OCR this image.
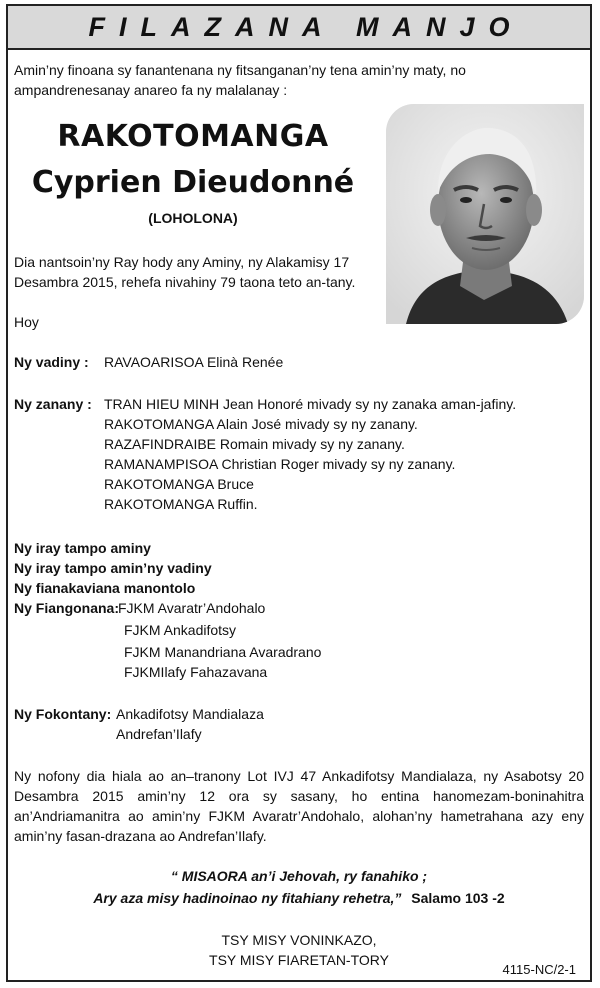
FILAZANA MANJO
Amin’ny finoana sy fanantenana ny fitsanganan’ny tena amin’ny maty, no ampandrenesanay anareo fa ny malalanay :
RAKOTOMANGA
Cyprien Dieudonné
(LOHOLONA)
Dia nantsoin’ny Ray hody any Aminy, ny Alakamisy 17 Desambra 2015, rehefa nivahiny 79 taona teto an-tany.
Hoy
Ny vadiny : RAVAOARISOA Elinà Renée
Ny zanany : TRAN HIEU MINH Jean Honoré mivady sy ny zanaka aman-jafiny.
RAKOTOMANGA Alain José mivady sy ny zanany.
RAZAFINDRAIBE Romain mivady sy ny zanany.
RAMANAMPISOA Christian Roger mivady sy ny zanany.
RAKOTOMANGA Bruce
RAKOTOMANGA Ruffin.
Ny iray tampo aminy
Ny iray tampo amin’ny vadiny
Ny fianakaviana manontolo
Ny Fiangonana:
FJKM Avaratr’Andohalo
FJKM Ankadifotsy
FJKM Manandriana Avaradrano
FJKMIlafy Fahazavana
Ny Fokontany: Ankadifotsy Mandialaza
Andrefan’Ilafy
Ny nofony dia hiala ao an–tranony Lot IVJ 47 Ankadifotsy Mandialaza, ny Asabotsy 20 Desambra 2015 amin’ny 12 ora sy sasany, ho entina hanomezam-boninahitra an’Andriamanitra ao amin’ny FJKM Avaratr’Andohalo, alohan’ny hametrahana azy eny amin’ny fasan-drazana ao Andrefan’Ilafy.
“ MISAORA an’i Jehovah, ry fanahiko ;
Ary aza misy hadinoinao ny fitahiany rehetra,” Salamo 103 -2
TSY MISY VONINKAZO,
TSY MISY FIARETAN-TORY
4115-NC/2-1
